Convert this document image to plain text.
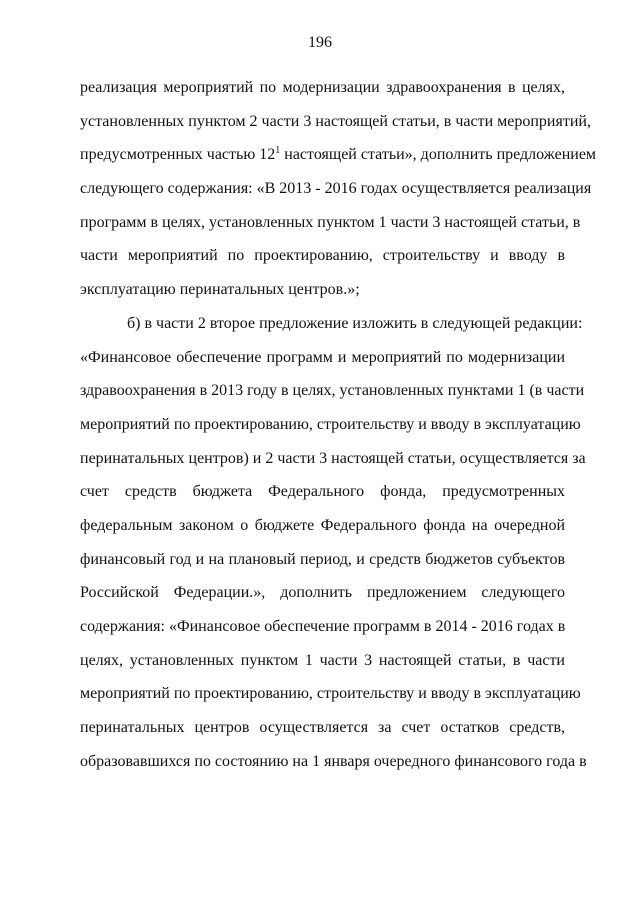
196
реализация мероприятий по модернизации здравоохранения в целях,
установленных пунктом 2 части 3 настоящей статьи, в части мероприятий,
предусмотренных частью $12^1$ настоящей статьи», дополнить предложением
следующего содержания: «В 2013 - 2016 годах осуществляется реализация
программ в целях, установленных пунктом 1 части 3 настоящей статьи, в
части мероприятий по проектированию, строительству и вводу в
эксплуатацию перинатальных центров.»;
б) в части 2 второе предложение изложить в следующей редакции:
«Финансовое обеспечение программ и мероприятий по модернизации
здравоохранения в 2013 году в целях, установленных пунктами 1 (в части
мероприятий по проектированию, строительству и вводу в эксплуатацию
перинатальных центров) и 2 части 3 настоящей статьи, осуществляется за
счет средств бюджета Федерального фонда, предусмотренных
федеральным законом о бюджете Федерального фонда на очередной
финансовый год и на плановый период, и средств бюджетов субъектов
Российской Федерации.», дополнить предложением следующего
содержания: «Финансовое обеспечение программ в 2014 - 2016 годах в
целях, установленных пунктом 1 части 3 настоящей статьи, в части
мероприятий по проектированию, строительству и вводу в эксплуатацию
перинатальных центров осуществляется за счет остатков средств,
образовавшихся по состоянию на 1 января очередного финансового года в
